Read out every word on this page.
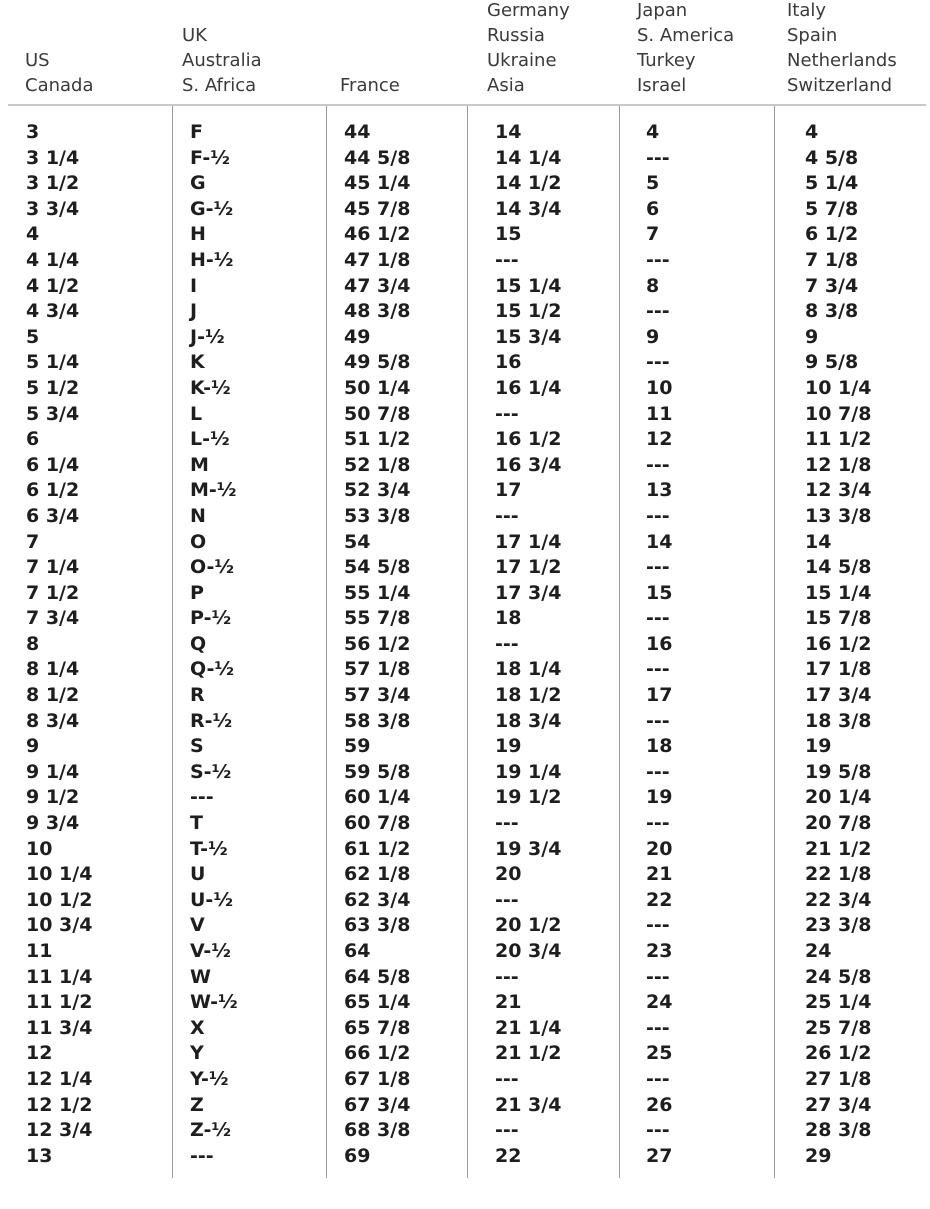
US
Canada
UK
Australia
S. Africa	France
Germany
Russia
Ukraine
Asia
Japan
S. America
Turkey
Israel
Italy
Spain
Netherlands
Switzerland
3
3 1/4
3 1/2
3 3/4
4
4 1/4
4 1/2
4 3/4
5
5 1/4
5 1/2
5 3/4
6
6 1/4
6 1/2
6 3/4
7
7 1/4
7 1/2
7 3/4
8
8 1/4
8 1/2
8 3/4
9
9 1/4
9 1/2
9 3/4
10
10 1/4
10 1/2
10 3/4
11
11 1/4
11 1/2
11 3/4
12
12 1/4
12 1/2
12 3/4
13
F
F-½
G
G-½
H
H-½
I
J
J-½
K
K-½
L
L-½
M
M-½
N
O
O-½
P
P-½
Q
Q-½
R
R-½
S
S-½
---
T
T-½
U
U-½
V
V-½
W
W-½
X
Y
Y-½
Z
Z-½
---
44
44 5/8
45 1/4
45 7/8
46 1/2
47 1/8
47 3/4
48 3/8
49
49 5/8
50 1/4
50 7/8
51 1/2
52 1/8
52 3/4
53 3/8
54
54 5/8
55 1/4
55 7/8
56 1/2
57 1/8
57 3/4
58 3/8
59
59 5/8
60 1/4
60 7/8
61 1/2
62 1/8
62 3/4
63 3/8
64
64 5/8
65 1/4
65 7/8
66 1/2
67 1/8
67 3/4
68 3/8
69
14
14 1/4
14 1/2
14 3/4
15
---
15 1/4
15 1/2
15 3/4
16
16 1/4
---
16 1/2
16 3/4
17
---
17 1/4
17 1/2
17 3/4
18
---
18 1/4
18 1/2
18 3/4
19
19 1/4
19 1/2
---
19 3/4
20
---
20 1/2
20 3/4
---
21
21 1/4
21 1/2
---
21 3/4
---
22
4
---
5
6
7
---
8
---
9
---
10
11
12
---
13
---
14
---
15
---
16
---
17
---
18
---
19
---
20
21
22
---
23
---
24
---
25
---
26
---
27
4
4 5/8
5 1/4
5 7/8
6 1/2
7 1/8
7 3/4
8 3/8
9
9 5/8
10 1/4
10 7/8
11 1/2
12 1/8
12 3/4
13 3/8
14
14 5/8
15 1/4
15 7/8
16 1/2
17 1/8
17 3/4
18 3/8
19
19 5/8
20 1/4
20 7/8
21 1/2
22 1/8
22 3/4
23 3/8
24
24 5/8
25 1/4
25 7/8
26 1/2
27 1/8
27 3/4
28 3/8
29
